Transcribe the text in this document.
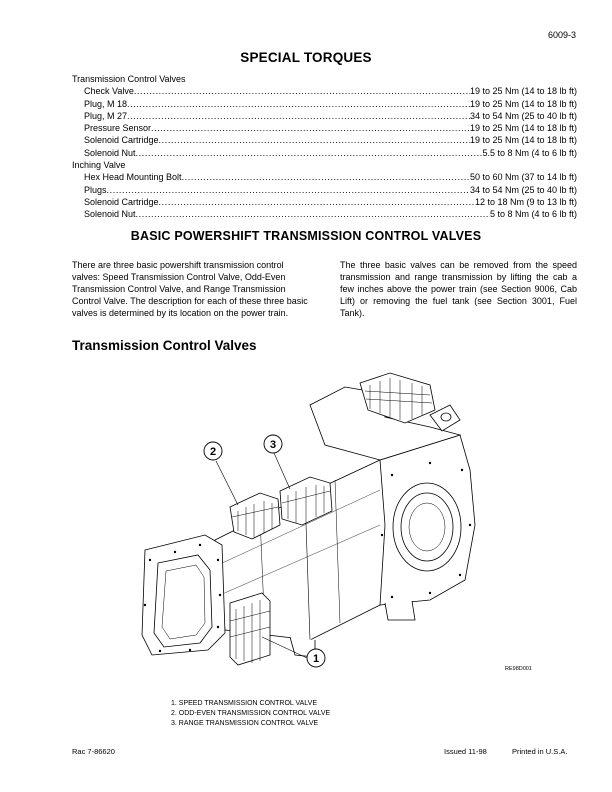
6009-3
SPECIAL TORQUES
Transmission Control Valves
Check Valve .....	19 to 25 Nm (14 to 18 lb ft)
Plug, M 18 .....	19 to 25 Nm (14 to 18 lb ft)
Plug, M 27 .....	34 to 54 Nm (25 to 40 lb ft)
Pressure Sensor .....	19 to 25 Nm (14 to 18 lb ft)
Solenoid Cartridge .....	19 to 25 Nm (14 to 18 lb ft)
Solenoid Nut .....	5.5 to 8 Nm (4 to 6 lb ft)
Inching Valve
Hex Head Mounting Bolt .....	50 to 60 Nm (37 to 14 lb ft)
Plugs .....	34 to 54 Nm (25 to 40 lb ft)
Solenoid Cartridge .....	12 to 18 Nm (9 to 13 lb ft)
Solenoid Nut .....	5 to 8 Nm (4 to 6 lb ft)
BASIC POWERSHIFT TRANSMISSION CONTROL VALVES
There are three basic powershift transmission control valves: Speed Transmission Control Valve, Odd-Even Transmission Control Valve, and Range Transmission Control Valve. The description for each of these three basic valves is determined by its location on the power train.
The three basic valves can be removed from the speed transmission and range transmission by lifting the cab a few inches above the power train (see Section 9006, Cab Lift) or removing the fuel tank (see Section 3001, Fuel Tank).
Transmission Control Valves
2
3
1
RE98D001
1. SPEED TRANSMISSION CONTROL VALVE
2. ODD-EVEN TRANSMISSION CONTROL VALVE
3. RANGE TRANSMISSION CONTROL VALVE
Rac 7-86620	Issued 11-98	Printed in U.S.A.
